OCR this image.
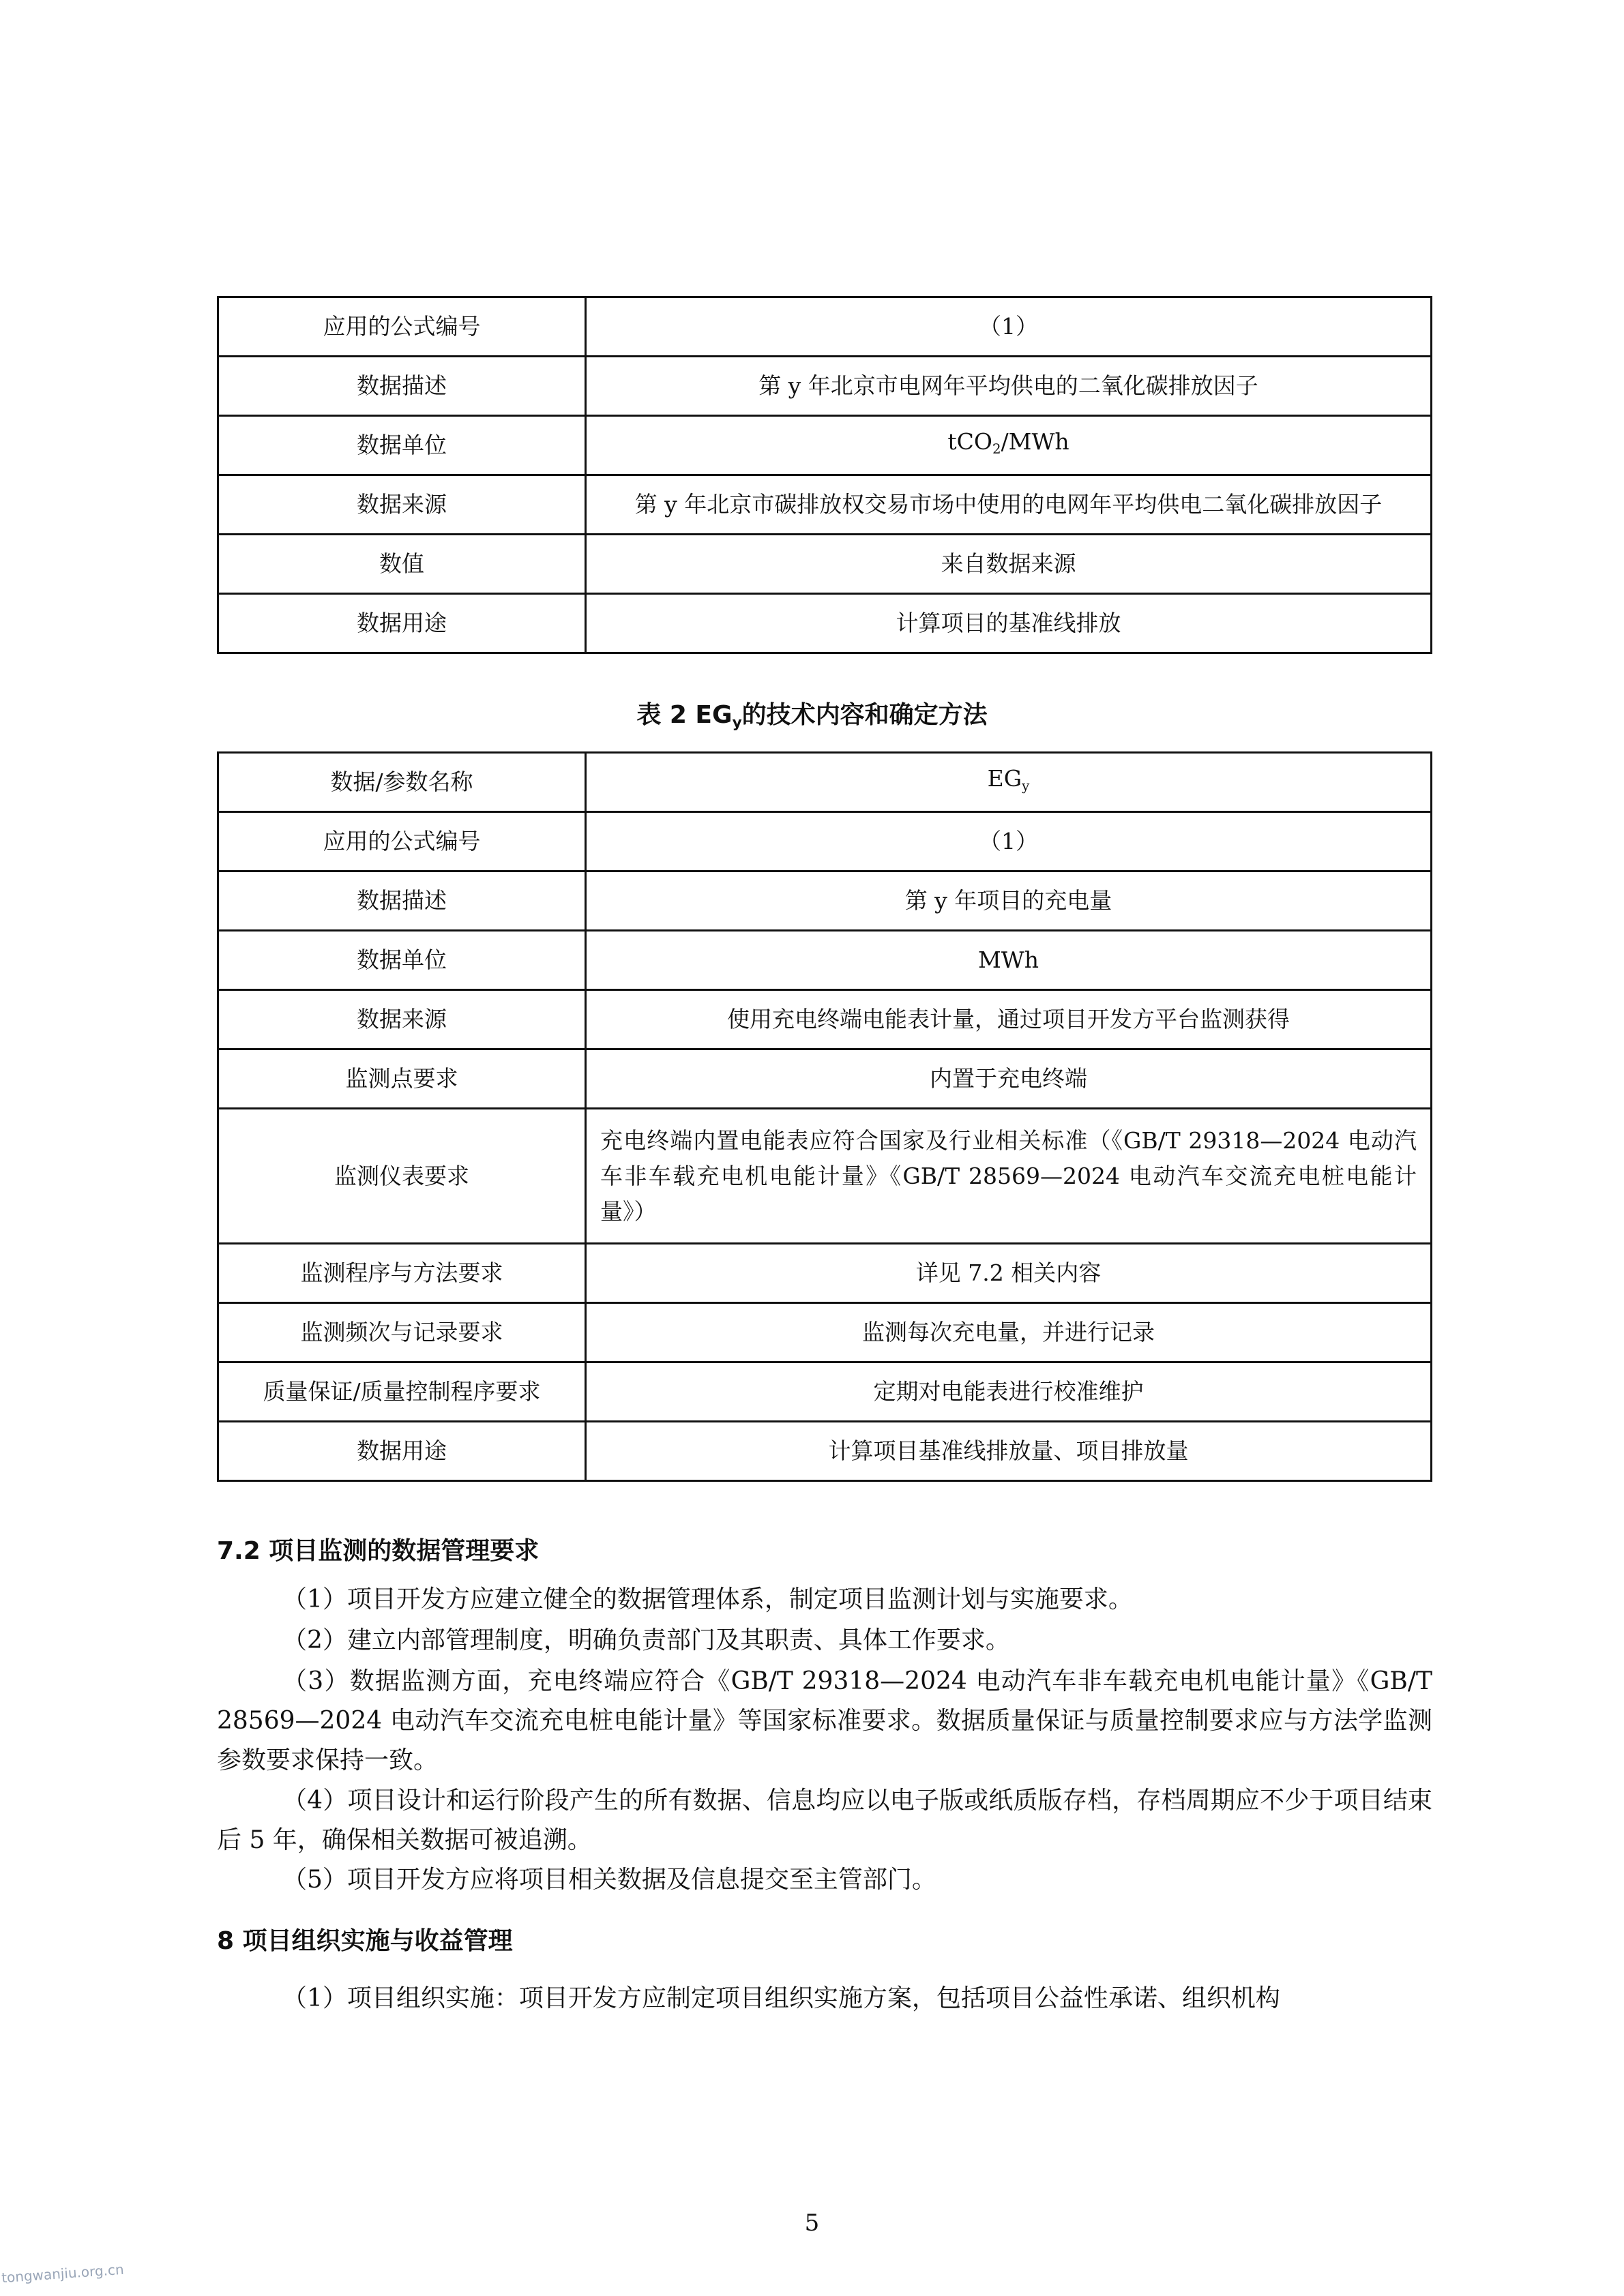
应用的公式编号	（1）
数据描述	第 y 年北京市电网年平均供电的二氧化碳排放因子
数据单位	tCO$_2$/MWh
数据来源	第 y 年北京市碳排放权交易市场中使用的电网年平均供电二氧化碳排放因子
数值	来自数据来源
数据用途	计算项目的基准线排放
表 2 $EG_y$的技术内容和确定方法
数据/参数名称	$EG_y$
应用的公式编号	（1）
数据描述	第 y 年项目的充电量
数据单位	MWh
数据来源	使用充电终端电能表计量，通过项目开发方平台监测获得
监测点要求	内置于充电终端
监测仪表要求	充电终端内置电能表应符合国家及行业相关标准（《GB/T 29318—2024 电动汽车非车载充电机电能计量》《GB/T 28569—2024 电动汽车交流充电桩电能计量》）
监测程序与方法要求	详见 7.2 相关内容
监测频次与记录要求	监测每次充电量，并进行记录
质量保证/质量控制程序要求	定期对电能表进行校准维护
数据用途	计算项目基准线排放量、项目排放量
7.2 项目监测的数据管理要求
（1）项目开发方应建立健全的数据管理体系，制定项目监测计划与实施要求。
（2）建立内部管理制度，明确负责部门及其职责、具体工作要求。
（3）数据监测方面，充电终端应符合《GB/T 29318—2024 电动汽车非车载充电机电能计量》《GB/T 28569—2024 电动汽车交流充电桩电能计量》等国家标准要求。数据质量保证与质量控制要求应与方法学监测参数要求保持一致。
（4）项目设计和运行阶段产生的所有数据、信息均应以电子版或纸质版存档，存档周期应不少于项目结束后 5 年，确保相关数据可被追溯。
（5）项目开发方应将项目相关数据及信息提交至主管部门。
8 项目组织实施与收益管理
（1）项目组织实施：项目开发方应制定项目组织实施方案，包括项目公益性承诺、组织机构
5
tongwanjiu.org.cn
